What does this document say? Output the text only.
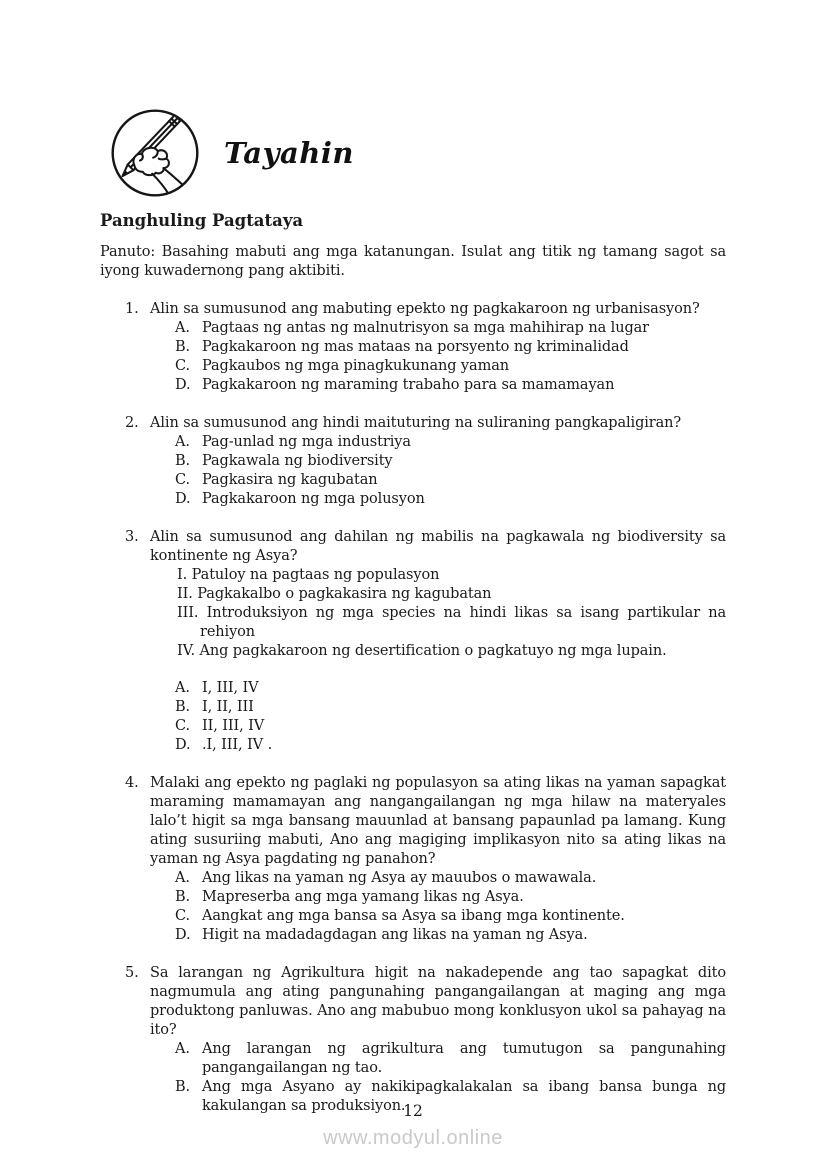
Tayahin
Panghuling Pagtataya

Panuto: Basahing mabuti ang mga katanungan. Isulat ang titik ng tamang sagot sa iyong kuwadernong pang aktibiti.

1. Alin sa sumusunod ang mabuting epekto ng pagkakaroon ng urbanisasyon?

A. Pagtaas ng antas ng malnutrisyon sa mga mahihirap na lugar
B. Pagkakaroon ng mas mataas na porsyento ng kriminalidad
C. Pagkaubos ng mga pinagkukunang yaman
D. Pagkakaroon ng maraming trabaho para sa mamamayan
2. Alin sa sumusunod ang hindi maituturing na suliraning pangkapaligiran?

A. Pag-unlad ng mga industriya
B. Pagkawala ng biodiversity
C. Pagkasira ng kagubatan
D. Pagkakaroon ng mga polusyon
3. Alin sa sumusunod ang dahilan ng mabilis na pagkawala ng biodiversity sa kontinente ng Asya?

I. Patuloy na pagtaas ng populasyon
II. Pagkakalbo o pagkakasira ng kagubatan
III. Introduksiyon ng mga species na hindi likas sa isang partikular na rehiyon
IV. Ang pagkakaroon ng desertification o pagkatuyo ng mga lupain.
A. I, III, IV
B. I, II, III
C. II, III, IV
D. .I, III, IV .
4. Malaki ang epekto ng paglaki ng populasyon sa ating likas na yaman sapagkat maraming mamamayan ang nangangailangan ng mga hilaw na materyales lalo’t higit sa mga bansang mauunlad at bansang papaunlad pa lamang. Kung ating susuriing mabuti, Ano ang magiging implikasyon nito sa ating likas na yaman ng Asya pagdating ng panahon?

A. Ang likas na yaman ng Asya ay mauubos o mawawala.
B. Mapreserba ang mga yamang likas ng Asya.
C. Aangkat ang mga bansa sa Asya sa ibang mga kontinente.
D. Higit na madadagdagan ang likas na yaman ng Asya.
5. Sa larangan ng Agrikultura higit na nakadepende ang tao sapagkat dito nagmumula ang ating pangunahing pangangailangan at maging ang mga produktong panluwas. Ano ang mabubuo mong konklusyon ukol sa pahayag na ito?

A. Ang larangan ng agrikultura ang tumutugon sa pangunahing pangangailangan ng tao.
B. Ang mga Asyano ay nakikipagkalakalan sa ibang bansa bunga ng kakulangan sa produksiyon.
12
www.modyul.online
